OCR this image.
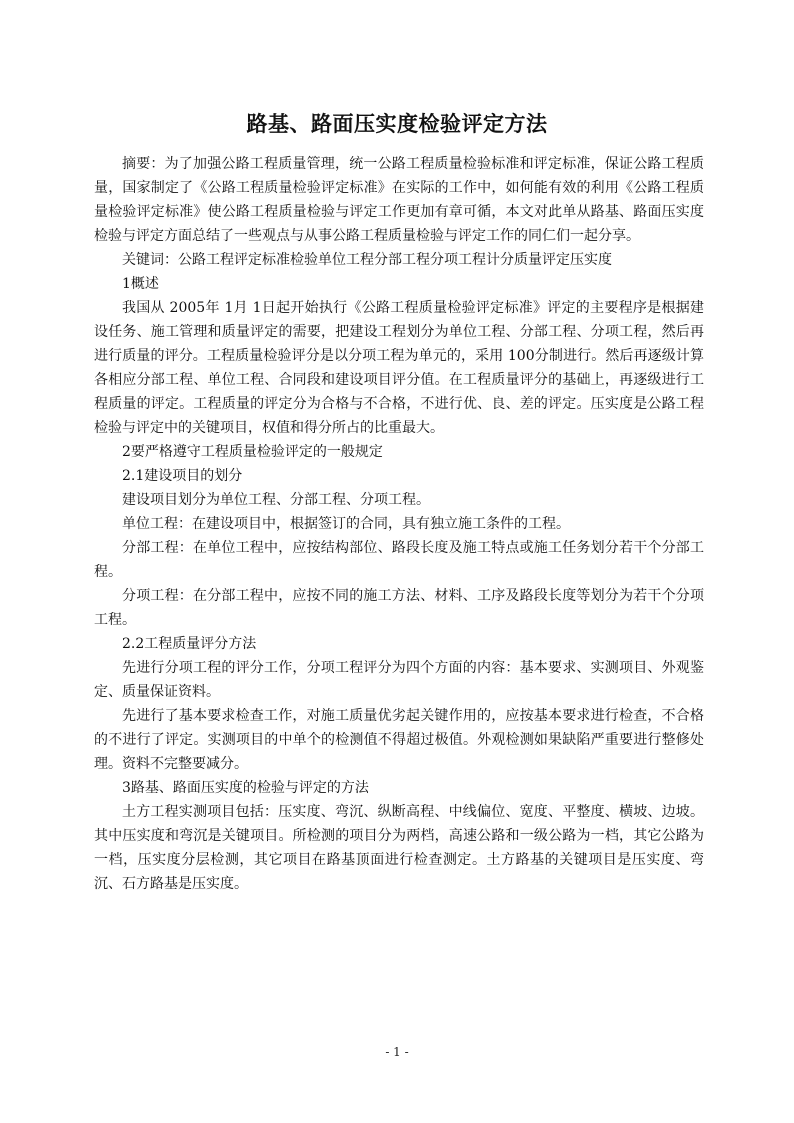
路基、路面压实度检验评定方法

摘要：为了加强公路工程质量管理，统一公路工程质量检验标准和评定标准，保证公路工程质量，国家制定了《公路工程质量检验评定标准》在实际的工作中，如何能有效的利用《公路工程质量检验评定标准》使公路工程质量检验与评定工作更加有章可循，本文对此单从路基、路面压实度检验与评定方面总结了一些观点与从事公路工程质量检验与评定工作的同仁们一起分享。

关键词：公路工程评定标准检验单位工程分部工程分项工程计分质量评定压实度

1概述

我国从 2005年 1月 1日起开始执行《公路工程质量检验评定标准》评定的主要程序是根据建设任务、施工管理和质量评定的需要，把建设工程划分为单位工程、分部工程、分项工程，然后再进行质量的评分。工程质量检验评分是以分项工程为单元的，采用 100分制进行。然后再逐级计算各相应分部工程、单位工程、合同段和建设项目评分值。在工程质量评分的基础上，再逐级进行工程质量的评定。工程质量的评定分为合格与不合格，不进行优、良、差的评定。压实度是公路工程检验与评定中的关键项目，权值和得分所占的比重最大。

2要严格遵守工程质量检验评定的一般规定

2.1建设项目的划分

建设项目划分为单位工程、分部工程、分项工程。

单位工程：在建设项目中，根据签订的合同，具有独立施工条件的工程。

分部工程：在单位工程中，应按结构部位、路段长度及施工特点或施工任务划分若干个分部工程。

分项工程：在分部工程中，应按不同的施工方法、材料、工序及路段长度等划分为若干个分项工程。

2.2工程质量评分方法

先进行分项工程的评分工作，分项工程评分为四个方面的内容：基本要求、实测项目、外观鉴定、质量保证资料。

先进行了基本要求检查工作，对施工质量优劣起关键作用的，应按基本要求进行检查，不合格的不进行了评定。实测项目的中单个的检测值不得超过极值。外观检测如果缺陷严重要进行整修处理。资料不完整要减分。

3路基、路面压实度的检验与评定的方法

土方工程实测项目包括：压实度、弯沉、纵断高程、中线偏位、宽度、平整度、横坡、边坡。其中压实度和弯沉是关键项目。所检测的项目分为两档，高速公路和一级公路为一档，其它公路为一档，压实度分层检测，其它项目在路基顶面进行检查测定。土方路基的关键项目是压实度、弯沉、石方路基是压实度。

- 1 -
